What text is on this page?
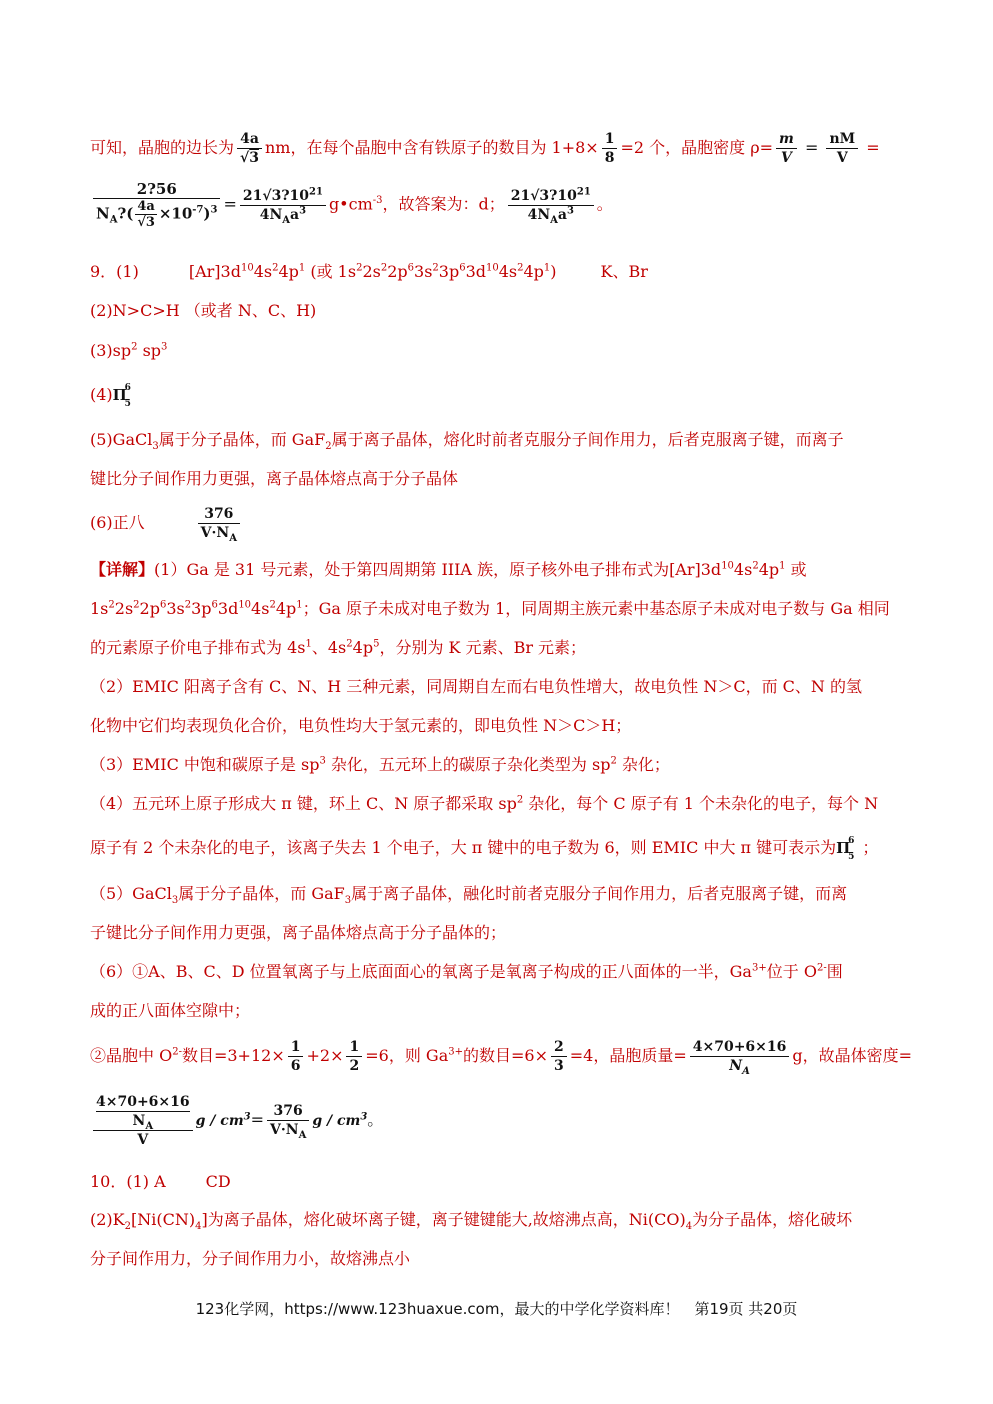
可知，晶胞的边长为 $\frac{4a}{√3}$ nm，在每个晶胞中含有铁原子的数目为 $1+8\times \frac{1}{8} =2$ 个，晶胞密度 $\rho= \frac{m}{V} = \frac{nM}{V}$ =
$\frac{2?56}{N_A?( \frac{4a}{√3} \times 10^{-7})^3} = \frac{21√3?10^{21}}{4N_Aa^3}$ $g•cm^{-3}$，故答案为：d； $\frac{21√3?10^{21}}{4N_Aa^3}$ 。
9．(1)	$[Ar]3d^{10}4s^24p^1$ (或 $1s^22s^22p^63s^23p^63d^{10}4s^24p^1$)	K、Br
(2)N>C>H （或者 N、C、H)
$(3)sp^2$ $sp^3$
(4)Π
6
5
(5)GaCl$_3$属于分子晶体，而 GaF$_2$属于离子晶体，熔化时前者克服分子间作用力，后者克服离子键，而离子
键比分子间作用力更强，离子晶体熔点高于分子晶体
(6)正八	$\frac{376}{V\cdot N_A}$
【详解】(1）Ga 是 31 号元素，处于第四周期第 IIIA 族，原子核外电子排布式为$[Ar]3d^{10}4s^24p^1$ 或
$1s^22s^22p^63s^23p^63d^{10}4s^24p^1$；Ga 原子未成对电子数为 1，同周期主族元素中基态原子未成对电子数与 Ga 相同
的元素原子价电子排布式为 $4s^1$、$4s^24p^5$，分别为 K 元素、Br 元素；
（2）EMIC 阳离子含有 C、N、H 三种元素，同周期自左而右电负性增大，故电负性 N＞C，而 C、N 的氢
化物中它们均表现负化合价，电负性均大于氢元素的，即电负性 N＞C＞H；
（3）EMIC 中饱和碳原子是 $sp^3$ 杂化，五元环上的碳原子杂化类型为 $sp^2$ 杂化；
（4）五元环上原子形成大 π 键，环上 C、N 原子都采取 $sp^2$ 杂化，每个 C 原子有 1 个未杂化的电子，每个 N
原子有 2 个未杂化的电子，该离子失去 1 个电子，大 π 键中的电子数为 6，则 EMIC 中大 π 键可表示为Π
6
5 ；
（5）GaCl$_3$属于分子晶体，而 GaF$_3$属于离子晶体，融化时前者克服分子间作用力，后者克服离子键，而离
子键比分子间作用力更强，离子晶体熔点高于分子晶体的；
（6）①A、B、C、D 位置氧离子与上底面面心的氧离子是氧离子构成的正八面体的一半，$Ga^{3+}$位于 $O^{2-}$围
成的正八面体空隙中；
②晶胞中 $O^{2-}$数目$=3+12\times \frac{1}{6} +2\times \frac{1}{2} =6$，则 $Ga^{3+}$的数目$=6\times \frac{2}{3} =4$，晶胞质量= $\frac{4\times 70+6\times 16}{N_A}$ g，故晶体密度=
4×70+6×16
$N_A$
V $g / cm^3= \frac{376}{V\cdot N_A}$ g / $cm^3$。
10．(1) A	CD
$(2)K_2[Ni(CN)_4]$为离子晶体，熔化破坏离子键，离子键键能大,故熔沸点高，$Ni(CO)_4$为分子晶体，熔化破坏
分子间作用力，分子间作用力小，故熔沸点小
123化学网，https://www.123huaxue.com，最大的中学化学资料库！　第19页 共20页
